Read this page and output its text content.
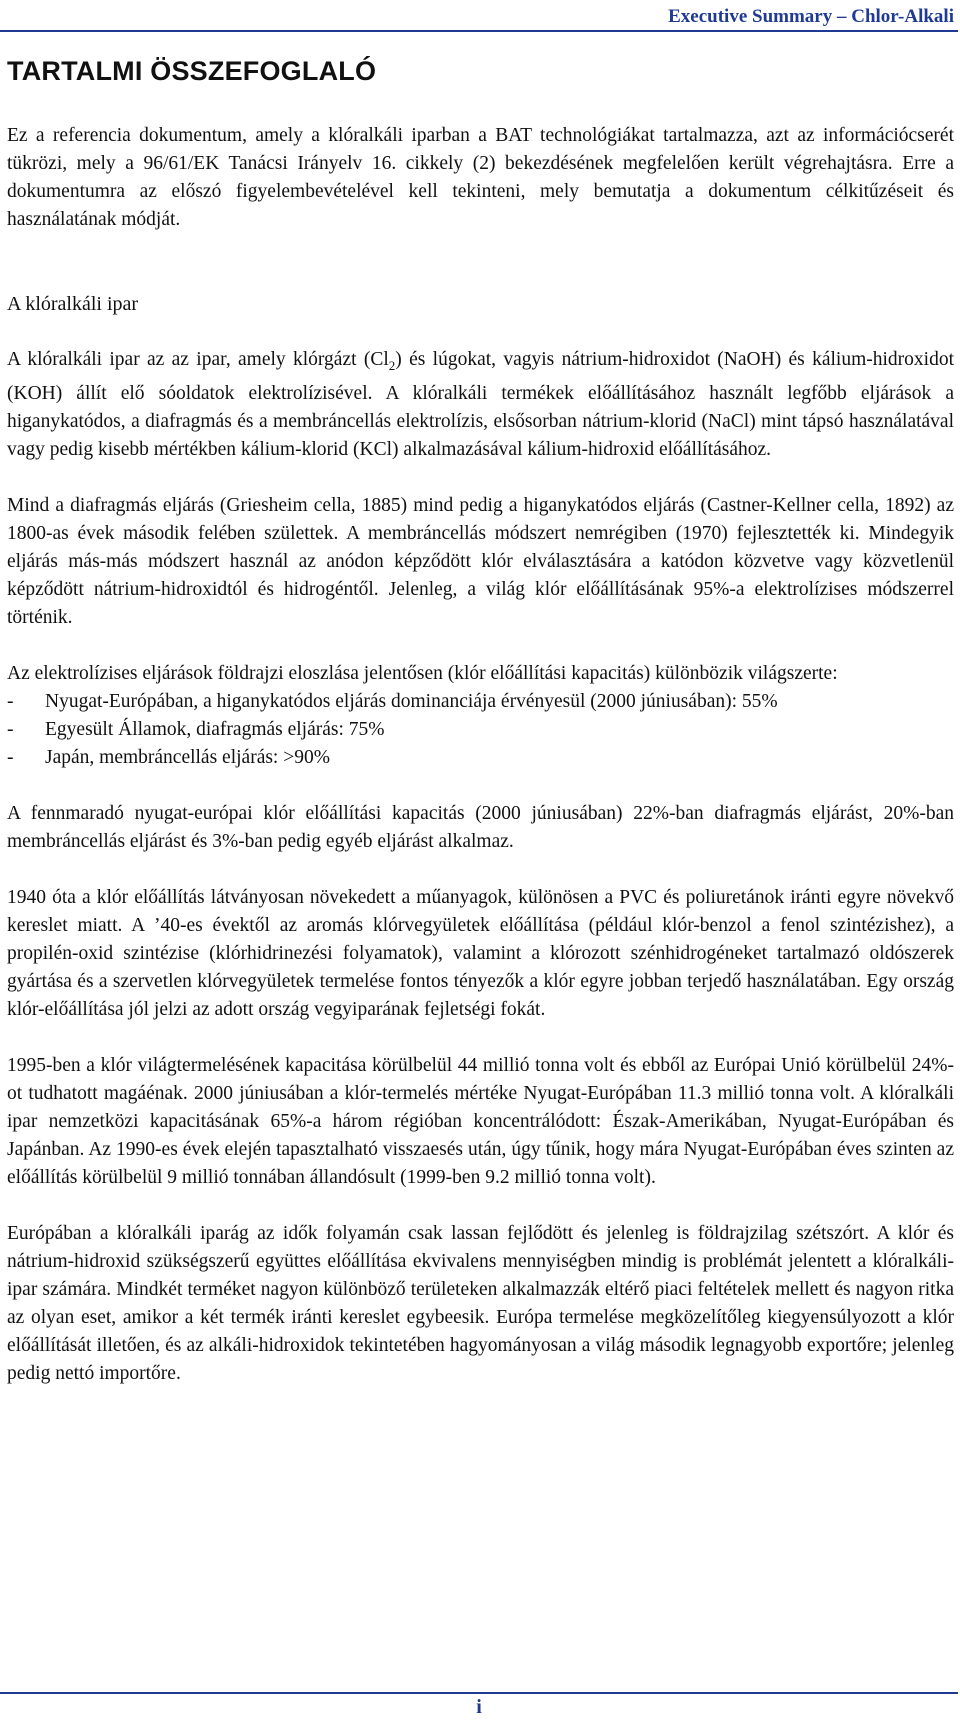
Executive Summary – Chlor-Alkali
TARTALMI ÖSSZEFOGLALÓ

Ez a referencia dokumentum, amely a klóralkáli iparban a BAT technológiákat tartalmazza, azt az információcserét tükrözi, mely a 96/61/EK Tanácsi Irányelv 16. cikkely (2) bekezdésének megfelelően került végrehajtásra. Erre a dokumentumra az előszó figyelembevételével kell tekinteni, mely bemutatja a dokumentum célkitűzéseit és használatának módját.

A klóralkáli ipar

A klóralkáli ipar az az ipar, amely klórgázt $(Cl_2)$ és lúgokat, vagyis nátrium-hidroxidot (NaOH) és kálium-hidroxidot (KOH) állít elő sóoldatok elektrolízisével. A klóralkáli termékek előállításához használt legfőbb eljárások a higanykatódos, a diafragmás és a membráncellás elektrolízis, elsősorban nátrium-klorid (NaCl) mint tápsó használatával vagy pedig kisebb mértékben kálium-klorid (KCl) alkalmazásával kálium-hidroxid előállításához.

Mind a diafragmás eljárás (Griesheim cella, 1885) mind pedig a higanykatódos eljárás (Castner-Kellner cella, 1892) az 1800-as évek második felében születtek. A membráncellás módszert nemrégiben (1970) fejlesztették ki. Mindegyik eljárás más-más módszert használ az anódon képződött klór elválasztására a katódon közvetve vagy közvetlenül képződött nátrium-hidroxidtól és hidrogéntől. Jelenleg, a világ klór előállításának 95%-a elektrolízises módszerrel történik.

Az elektrolízises eljárások földrajzi eloszlása jelentősen (klór előállítási kapacitás) különbözik világszerte:

- Nyugat-Európában, a higanykatódos eljárás dominanciája érvényesül (2000 júniusában): 55%
- Egyesült Államok, diafragmás eljárás: 75%
- Japán, membráncellás eljárás: >90%

A fennmaradó nyugat-európai klór előállítási kapacitás (2000 júniusában) 22%-ban diafragmás eljárást, 20%-ban membráncellás eljárást és 3%-ban pedig egyéb eljárást alkalmaz.

1940 óta a klór előállítás látványosan növekedett a műanyagok, különösen a PVC és poliuretánok iránti egyre növekvő kereslet miatt. A ’40-es évektől az aromás klórvegyületek előállítása (például klór-benzol a fenol szintézishez), a propilén-oxid szintézise (klórhidrinezési folyamatok), valamint a klórozott szénhidrogéneket tartalmazó oldószerek gyártása és a szervetlen klórvegyületek termelése fontos tényezők a klór egyre jobban terjedő használatában. Egy ország klór-előállítása jól jelzi az adott ország vegyiparának fejletségi fokát.

1995-ben a klór világtermelésének kapacitása körülbelül 44 millió tonna volt és ebből az Európai Unió körülbelül 24%-ot tudhatott magáénak. 2000 júniusában a klór-termelés mértéke Nyugat-Európában 11.3 millió tonna volt. A klóralkáli ipar nemzetközi kapacitásának 65%-a három régióban koncentrálódott: Észak-Amerikában, Nyugat-Európában és Japánban. Az 1990-es évek elején tapasztalható visszaesés után, úgy tűnik, hogy mára Nyugat-Európában éves szinten az előállítás körülbelül 9 millió tonnában állandósult (1999-ben 9.2 millió tonna volt).

Európában a klóralkáli iparág az idők folyamán csak lassan fejlődött és jelenleg is földrajzilag szétszórt. A klór és nátrium-hidroxid szükségszerű együttes előállítása ekvivalens mennyiségben mindig is problémát jelentett a klóralkáli-ipar számára. Mindkét terméket nagyon különböző területeken alkalmazzák eltérő piaci feltételek mellett és nagyon ritka az olyan eset, amikor a két termék iránti kereslet egybeesik. Európa termelése megközelítőleg kiegyensúlyozott a klór előállítását illetően, és az alkáli-hidroxidok tekintetében hagyományosan a világ második legnagyobb exportőre; jelenleg pedig nettó importőre.

i
